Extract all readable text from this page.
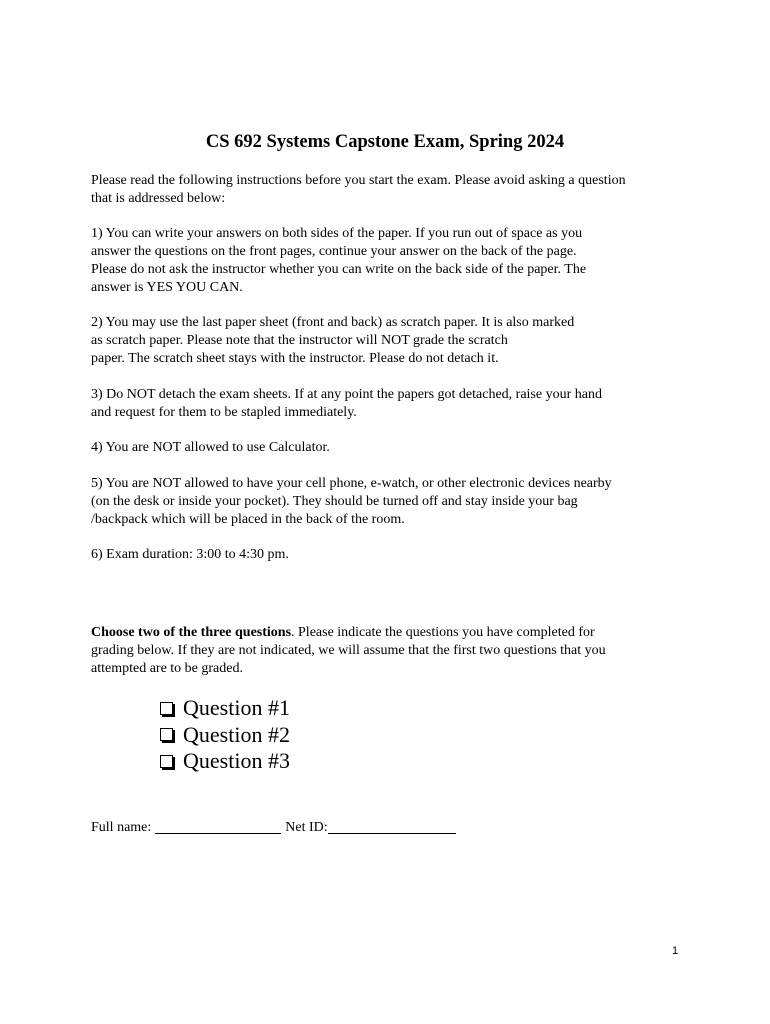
CS 692 Systems Capstone Exam, Spring 2024
Please read the following instructions before you start the exam. Please avoid asking a question
that is addressed below:
1) You can write your answers on both sides of the paper. If you run out of space as you
answer the questions on the front pages, continue your answer on the back of the page.
Please do not ask the instructor whether you can write on the back side of the paper. The
answer is YES YOU CAN.
2) You may use the last paper sheet (front and back) as scratch paper. It is also marked
as scratch paper. Please note that the instructor will NOT grade the scratch
paper. The scratch sheet stays with the instructor. Please do not detach it.
3) Do NOT detach the exam sheets. If at any point the papers got detached, raise your hand
and request for them to be stapled immediately.
4) You are NOT allowed to use Calculator.
5) You are NOT allowed to have your cell phone, e-watch, or other electronic devices nearby
(on the desk or inside your pocket). They should be turned off and stay inside your bag
/backpack which will be placed in the back of the room.
6) Exam duration: 3:00 to 4:30 pm.
Choose two of the three questions. Please indicate the questions you have completed for
grading below. If they are not indicated, we will assume that the first two questions that you
attempted are to be graded.
Question #1
Question #2
Question #3
Full name:	Net ID:
1
